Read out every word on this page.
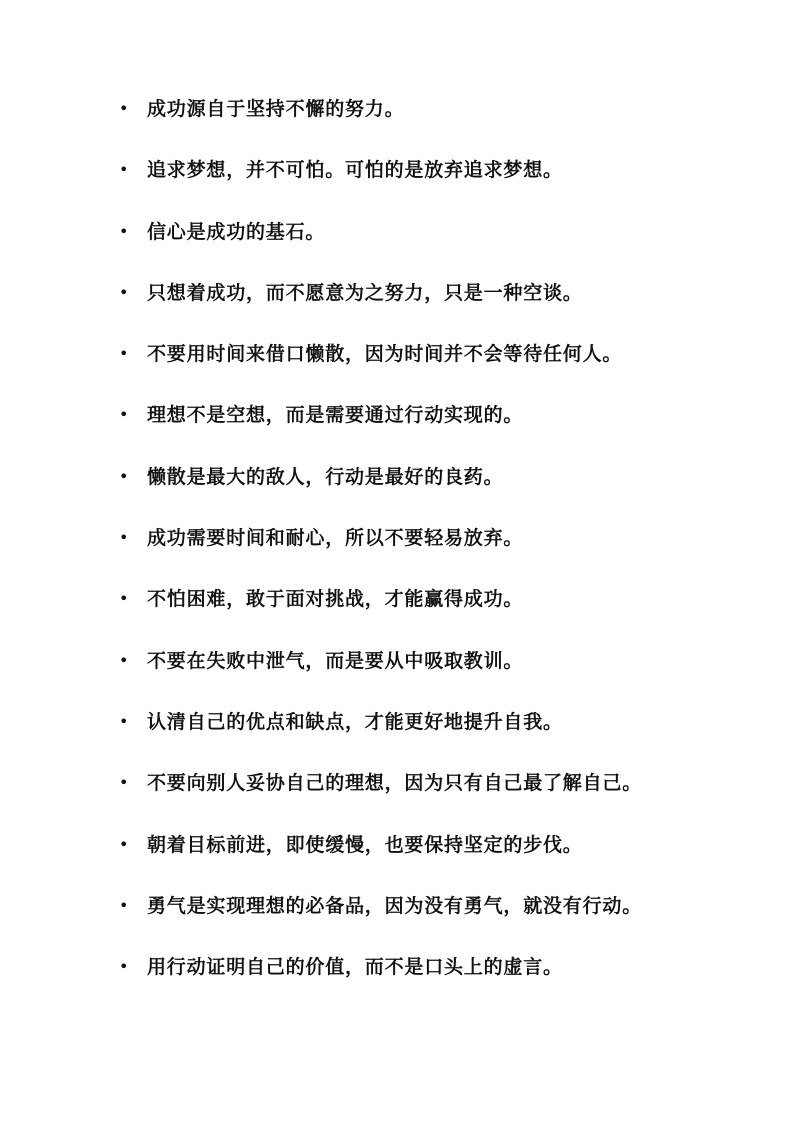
• 成功源自于坚持不懈的努力。
• 追求梦想，并不可怕。可怕的是放弃追求梦想。
• 信心是成功的基石。
• 只想着成功，而不愿意为之努力，只是一种空谈。
• 不要用时间来借口懒散，因为时间并不会等待任何人。
• 理想不是空想，而是需要通过行动实现的。
• 懒散是最大的敌人，行动是最好的良药。
• 成功需要时间和耐心，所以不要轻易放弃。
• 不怕困难，敢于面对挑战，才能赢得成功。
• 不要在失败中泄气，而是要从中吸取教训。
• 认清自己的优点和缺点，才能更好地提升自我。
• 不要向别人妥协自己的理想，因为只有自己最了解自己。
• 朝着目标前进，即使缓慢，也要保持坚定的步伐。
• 勇气是实现理想的必备品，因为没有勇气，就没有行动。
• 用行动证明自己的价值，而不是口头上的虚言。
